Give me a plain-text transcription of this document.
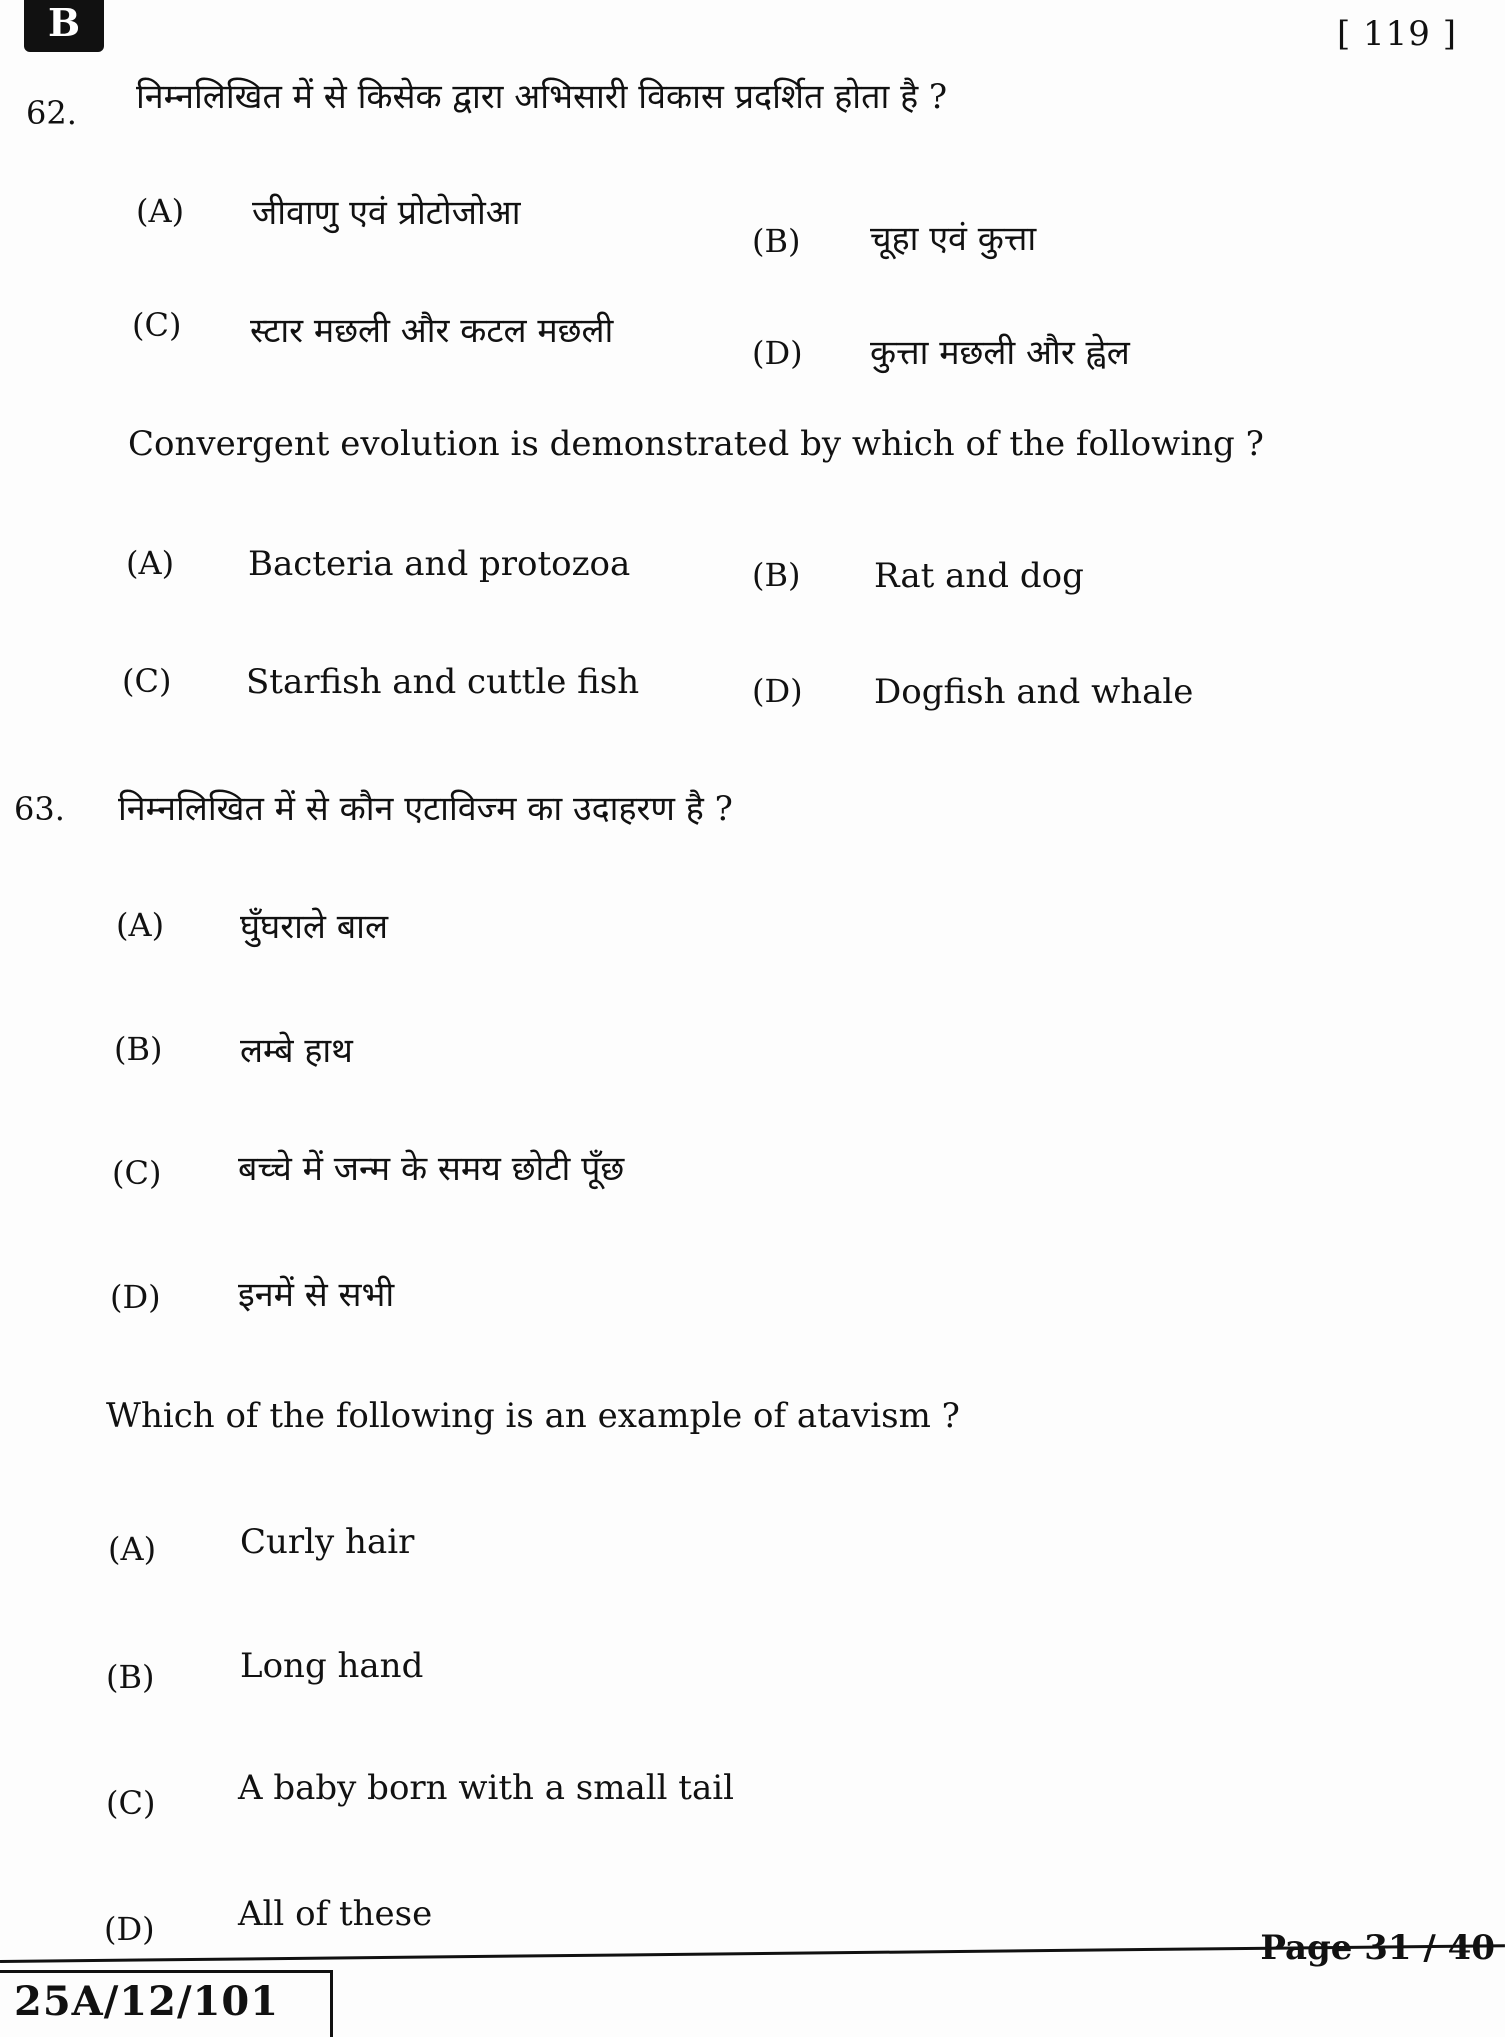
B	[ 119 ]
62. निम्नलिखित में से किसेक द्वारा अभिसारी विकास प्रदर्शित होता है ?
(A) जीवाणु एवं प्रोटोजोआ
(B) चूहा एवं कुत्ता
(C) स्टार मछली और कटल मछली
(D) कुत्ता मछली और ह्वेल
Convergent evolution is demonstrated by which of the following ?
(A) Bacteria and protozoa	(B) Rat and dog
(C) Starfish and cuttle fish	(D) Dogfish and whale
63. निम्नलिखित में से कौन एटाविज्म का उदाहरण है ?
(A) घुँघराले बाल
(B) लम्बे हाथ
(C) बच्चे में जन्म के समय छोटी पूँछ
(D) इनमें से सभी
Which of the following is an example of atavism ?
(A) Curly hair
(B)	Long hand
(C) A baby born with a small tail
(D) All of these
Page 31 / 40
25A/12/101
